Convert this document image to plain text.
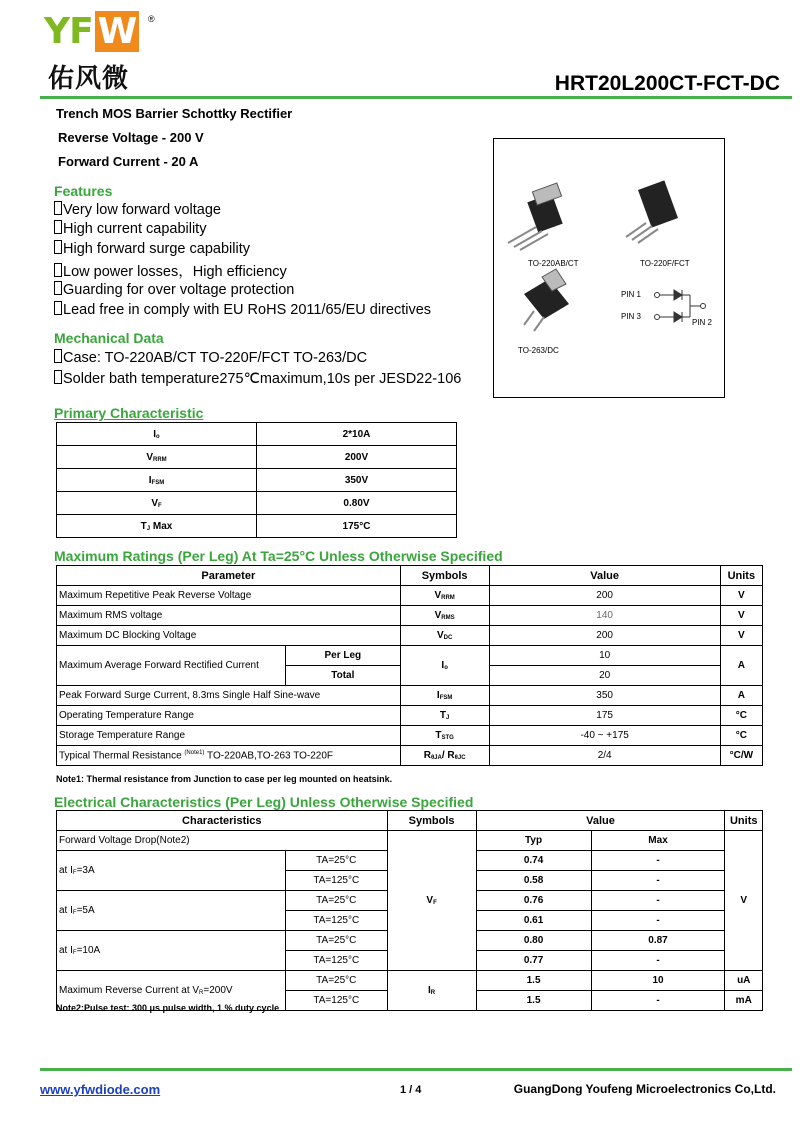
YF W	®
佑风微	HRT20L200CT-FCT-DC
Trench MOS Barrier Schottky Rectifier
Reverse Voltage - 200 V
Forward Current - 20 A
Features
Very low forward voltage
High current capability
High forward surge capability
Low power losses，High efficiency
Guarding for over voltage protection
Lead free in comply with EU RoHS 2011/65/EU directives
Mechanical Data
Case: TO-220AB/CT TO-220F/FCT TO-263/DC
Solder bath temperature275℃maximum,10s per JESD22-106
TO-220AB/CT	TO-220F/FCT
TO-263/DC
PIN 1
PIN 3
PIN 2
Primary Characteristic
$I_o$	2*10A
$V_{RRM}$	200V
$I_{FSM}$	350V
$V_F$	0.80V
$T_J$ Max	175°C
Maximum Ratings (Per Leg) At Ta=25°C Unless Otherwise Specified
Parameter		Symbols	Value	Units
Maximum Repetitive Peak Reverse Voltage		$V_{RRM}$	200	V
Maximum RMS voltage		$V_{RMS}$	140	V
Maximum DC Blocking Voltage		$V_{DC}$	200	V
Maximum Average Forward Rectified Current	Per Leg	$I_o$	10	A
	Total		20	
Peak Forward Surge Current, 8.3ms Single Half Sine-wave		$I_{FSM}$	350	A
Operating Temperature Range		$T_J$	175	°C
Storage Temperature Range		$T_{STG}$	-40 ~ +175	°C
Typical Thermal Resistance $^{(Note1)}$ TO-220AB,TO-263 TO-220F		$R_{\theta JA}/$ $R_{\theta JC}$	2/4	°C/W
Note1: Thermal resistance from Junction to case per leg mounted on heatsink.
Electrical Characteristics (Per Leg) Unless Otherwise Specified
Characteristics		Symbols	Value		Units
Forward Voltage Drop(Note2)		$V_F$	Typ	Max	V
at $I_F=3A$	TA=25°C		0.74	-	
	TA=125°C		0.58	-	
at $I_F=5A$	TA=25°C		0.76	-	
	TA=125°C		0.61	-	
at $I_F=10A$	TA=25°C		0.80	0.87	
	TA=125°C		0.77	-	
Maximum Reverse Current at $V_R=200V$	TA=25°C	$I_R$	1.5	10	uA
	TA=125°C		1.5	-	mA
Note2:Pulse test: 300 μs pulse width, 1 % duty cycle
www.yfwdiode.com	1 / 4	GuangDong Youfeng Microelectronics Co,Ltd.
